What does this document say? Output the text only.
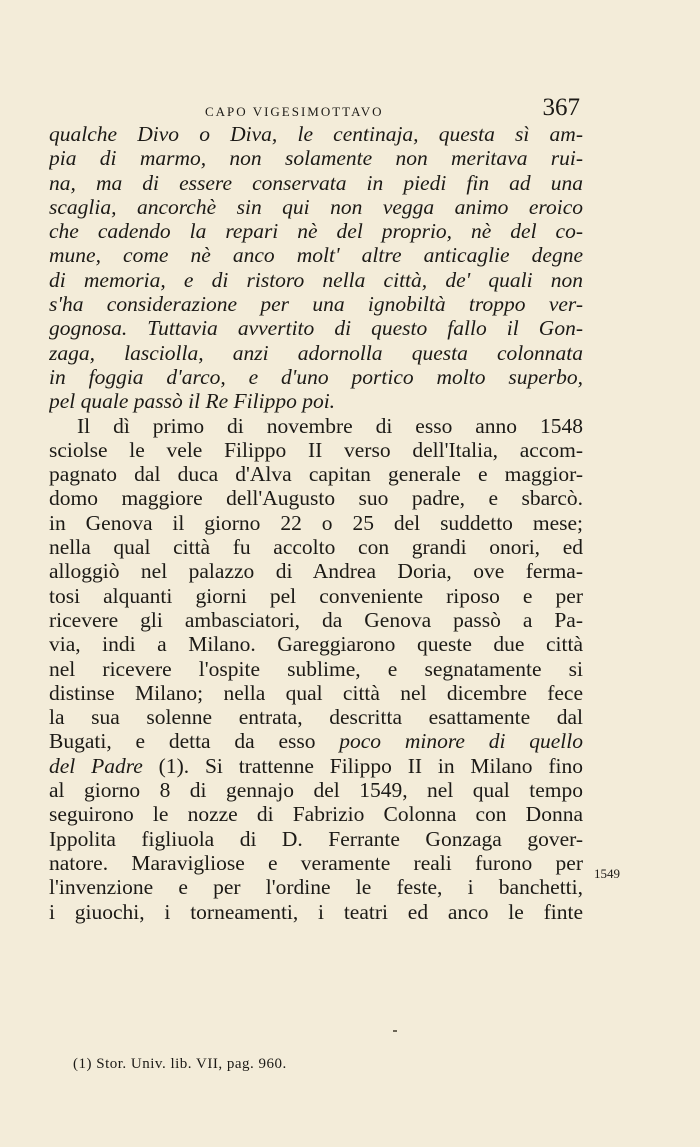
CAPO VIGESIMOTTAVO	367
qualche Divo o Diva, le centinaja, questa sì am-
pia di marmo, non solamente non meritava rui-
na, ma di essere conservata in piedi fin ad una
scaglia, ancorchè sin qui non vegga animo eroico
che cadendo la repari nè del proprio, nè del co-
mune, come nè anco molt' altre anticaglie degne
di memoria, e di ristoro nella città, de' quali non
s'ha considerazione per una ignobiltà troppo ver-
gognosa. Tuttavia avvertito di questo fallo il Gon-
zaga, lasciolla, anzi adornolla questa colonnata
in foggia d'arco, e d'uno portico molto superbo,
pel quale passò il Re Filippo poi.
Il dì primo di novembre di esso anno 1548
sciolse le vele Filippo II verso dell'Italia, accom-
pagnato dal duca d'Alva capitan generale e maggior-
domo maggiore dell'Augusto suo padre, e sbarcò.
in Genova il giorno 22 o 25 del suddetto mese;
nella qual città fu accolto con grandi onori, ed
alloggiò nel palazzo di Andrea Doria, ove ferma-
tosi alquanti giorni pel conveniente riposo e per
ricevere gli ambasciatori, da Genova passò a Pa-
via, indi a Milano. Gareggiarono queste due città
nel ricevere l'ospite sublime, e segnatamente si
distinse Milano; nella qual città nel dicembre fece
la sua solenne entrata, descritta esattamente dal
Bugati, e detta da esso poco minore di quello
del Padre (1). Si trattenne Filippo II in Milano fino
al giorno 8 di gennajo del 1549, nel qual tempo
seguirono le nozze di Fabrizio Colonna con Donna
Ippolita figliuola di D. Ferrante Gonzaga gover-
natore. Maravigliose e veramente reali furono per
l'invenzione e per l'ordine le feste, i banchetti,
i giuochi, i torneamenti, i teatri ed anco le finte
1549
(1) Stor. Univ. lib. VII, pag. 960.
